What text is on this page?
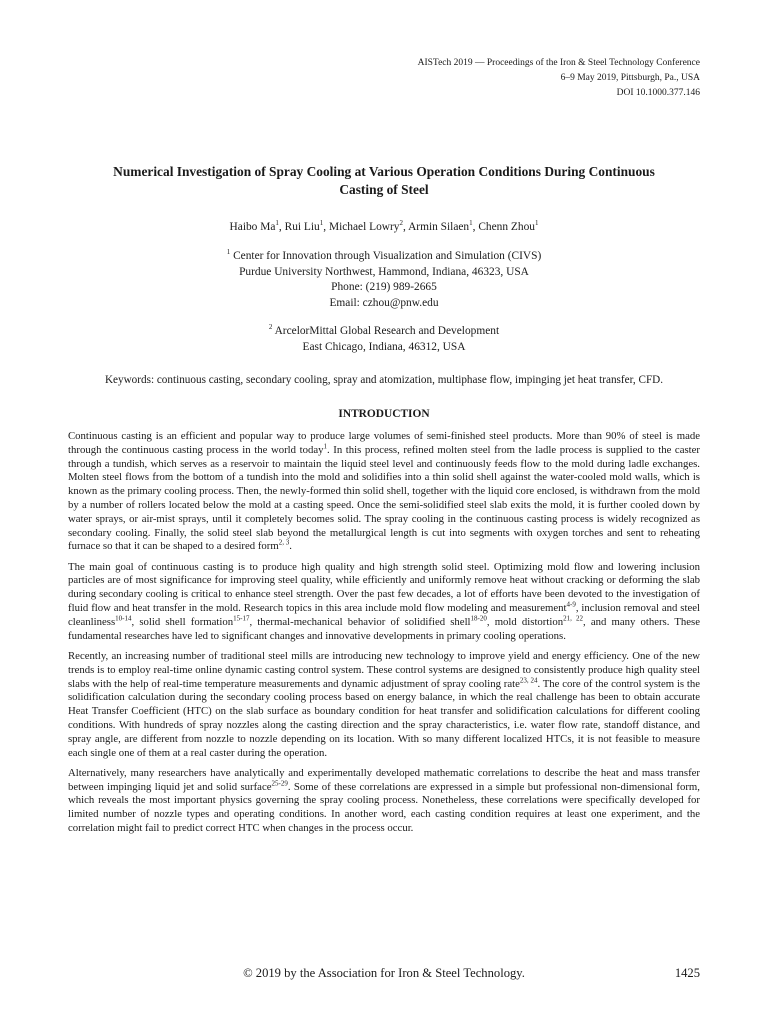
AISTech 2019 — Proceedings of the Iron & Steel Technology Conference
6–9 May 2019, Pittsburgh, Pa., USA
DOI 10.1000.377.146
Numerical Investigation of Spray Cooling at Various Operation Conditions During Continuous
Casting of Steel
Haibo Ma$^1$, Rui Liu$^1$, Michael Lowry$^2$, Armin Silaen$^1$, Chenn Zhou$^1$
$^1$ Center for Innovation through Visualization and Simulation (CIVS)
Purdue University Northwest, Hammond, Indiana, 46323, USA
Phone: (219) 989-2665
Email: czhou@pnw.edu
$^2$ ArcelorMittal Global Research and Development
East Chicago, Indiana, 46312, USA
Keywords: continuous casting, secondary cooling, spray and atomization, multiphase flow, impinging jet heat transfer, CFD.
INTRODUCTION

Continuous casting is an efficient and popular way to produce large volumes of semi-finished steel products. More than 90% of steel is made through the continuous casting process in the world today$^1$. In this process, refined molten steel from the ladle process is supplied to the caster through a tundish, which serves as a reservoir to maintain the liquid steel level and continuously feeds flow to the mold during ladle exchanges. Molten steel flows from the bottom of a tundish into the mold and solidifies into a thin solid shell against the water-cooled mold walls, which is known as the primary cooling process. Then, the newly-formed thin solid shell, together with the liquid core enclosed, is withdrawn from the mold by a number of rollers located below the mold at a casting speed. Once the semi-solidified steel slab exits the mold, it is further cooled down by water sprays, or air-mist sprays, until it completely becomes solid. The spray cooling in the continuous casting process is widely recognized as secondary cooling. Finally, the solid steel slab beyond the metallurgical length is cut into segments with oxygen torches and sent to reheating furnace so that it can be shaped to a desired form$^{2, 3}$.

The main goal of continuous casting is to produce high quality and high strength solid steel. Optimizing mold flow and lowering inclusion particles are of most significance for improving steel quality, while efficiently and uniformly remove heat without cracking or deforming the slab during secondary cooling is critical to enhance steel strength. Over the past few decades, a lot of efforts have been devoted to the investigation of fluid flow and heat transfer in the mold. Research topics in this area include mold flow modeling and measurement$^{4-9}$, inclusion removal and steel cleanliness$^{10-14}$, solid shell formation$^{15-17}$, thermal-mechanical behavior of solidified shell$^{18-20}$, mold distortion$^{21, 22}$, and many others. These fundamental researches have led to significant changes and innovative developments in primary cooling operations.

Recently, an increasing number of traditional steel mills are introducing new technology to improve yield and energy efficiency. One of the new trends is to employ real-time online dynamic casting control system. These control systems are designed to consistently produce high quality steel slabs with the help of real-time temperature measurements and dynamic adjustment of spray cooling rate$^{23, 24}$. The core of the control system is the solidification calculation during the secondary cooling process based on energy balance, in which the real challenge has been to obtain accurate Heat Transfer Coefficient (HTC) on the slab surface as boundary condition for heat transfer and solidification calculations for different cooling conditions. With hundreds of spray nozzles along the casting direction and the spray characteristics, i.e. water flow rate, standoff distance, and spray angle, are different from nozzle to nozzle depending on its location. With so many different localized HTCs, it is not feasible to measure each single one of them at a real caster during the operation.

Alternatively, many researchers have analytically and experimentally developed mathematic correlations to describe the heat and mass transfer between impinging liquid jet and solid surface$^{25-29}$. Some of these correlations are expressed in a simple but professional non-dimensional form, which reveals the most important physics governing the spray cooling process. Nonetheless, these correlations were specifically developed for limited number of nozzle types and operating conditions. In another word, each casting condition requires at least one experiment, and the correlation might fail to predict correct HTC when changes in the process occur.

© 2019 by the Association for Iron & Steel Technology.	1425
